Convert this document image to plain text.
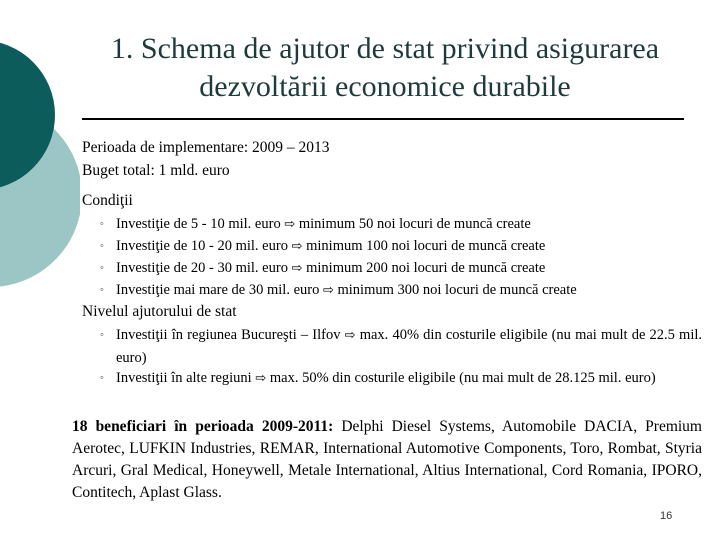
1. Schema de ajutor de stat privind asigurarea dezvoltării economice durabile
Perioada de implementare: 2009 – 2013
Buget total: 1 mld. euro
Condiţii
◦ Investiţie de 5 - 10 mil. euro ⇨ minimum 50 noi locuri de muncă create
◦ Investiţie de 10 - 20 mil. euro ⇨ minimum 100 noi locuri de muncă create
◦ Investiţie de 20 - 30 mil. euro ⇨ minimum 200 noi locuri de muncă create
◦ Investiţie mai mare de 30 mil. euro ⇨ minimum 300 noi locuri de muncă create
Nivelul ajutorului de stat
◦ Investiţii în regiunea Bucureşti – Ilfov ⇨ max. 40% din costurile eligibile (nu mai mult de 22.5 mil. euro)
◦ Investiţii în alte regiuni ⇨ max. 50% din costurile eligibile (nu mai mult de 28.125 mil. euro)
18 beneficiari în perioada 2009-2011: Delphi Diesel Systems, Automobile DACIA, Premium Aerotec, LUFKIN Industries, REMAR, International Automotive Components, Toro, Rombat, Styria Arcuri, Gral Medical, Honeywell, Metale International, Altius International, Cord Romania, IPORO, Contitech, Aplast Glass.
16
